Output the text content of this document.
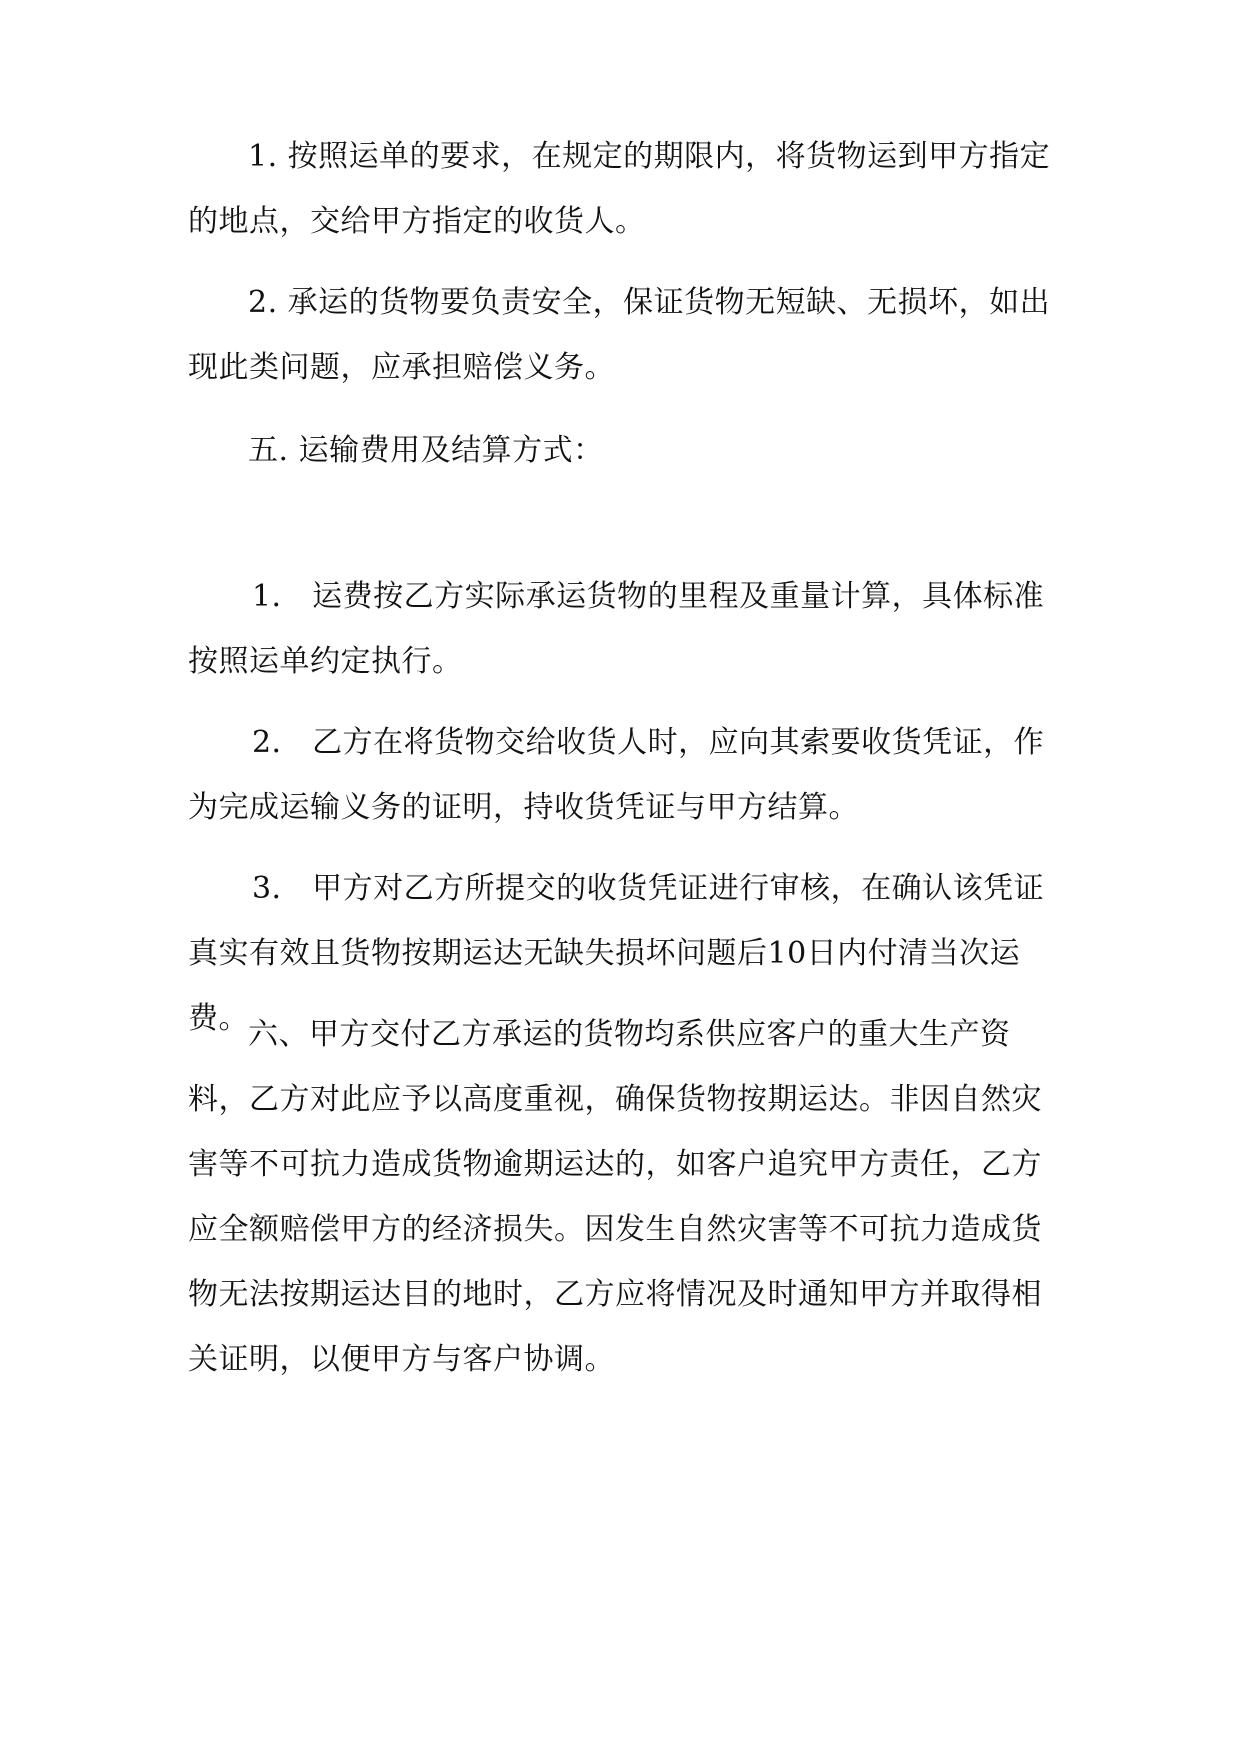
1. 按照运单的要求，在规定的期限内，将货物运到甲方指定的地点，交给甲方指定的收货人。

2. 承运的货物要负责安全，保证货物无短缺、无损坏，如出现此类问题，应承担赔偿义务。

五. 运输费用及结算方式：

1． 运费按乙方实际承运货物的里程及重量计算，具体标准按照运单约定执行。

2． 乙方在将货物交给收货人时，应向其索要收货凭证，作为完成运输义务的证明，持收货凭证与甲方结算。

3． 甲方对乙方所提交的收货凭证进行审核，在确认该凭证真实有效且货物按期运达无缺失损坏问题后10日内付清当次运费。 六、甲方交付乙方承运的货物均系供应客户的重大生产资料，乙方对此应予以高度重视，确保货物按期运达。非因自然灾害等不可抗力造成货物逾期运达的，如客户追究甲方责任，乙方应全额赔偿甲方的经济损失。因发生自然灾害等不可抗力造成货物无法按期运达目的地时，乙方应将情况及时通知甲方并取得相关证明，以便甲方与客户协调。
